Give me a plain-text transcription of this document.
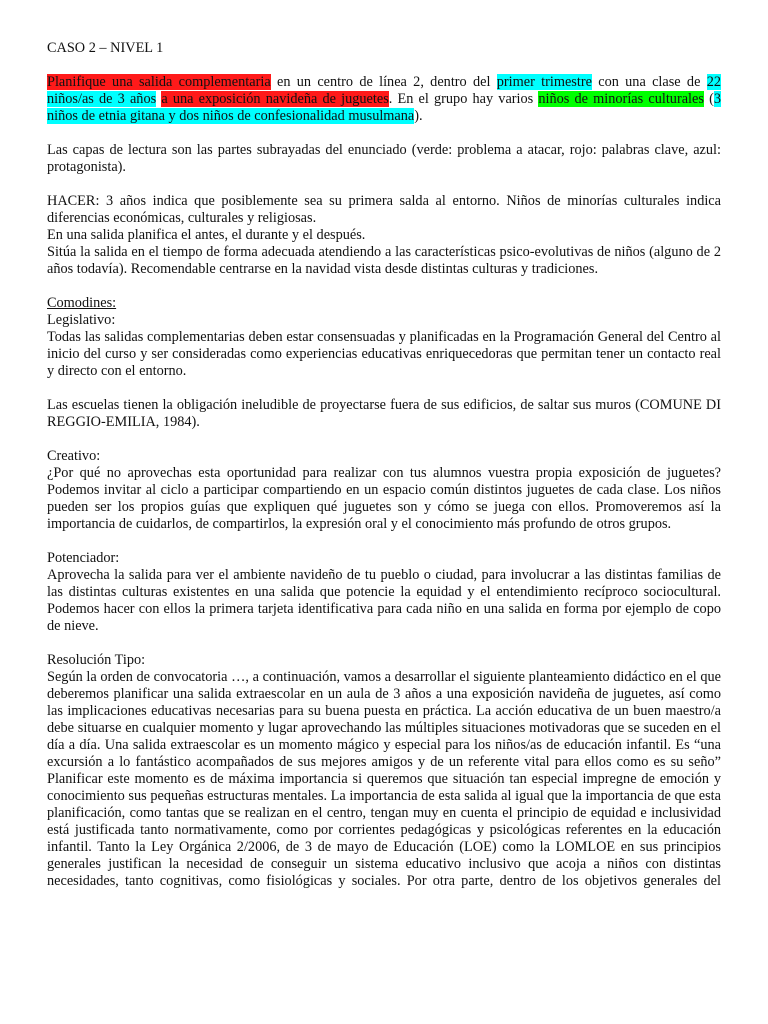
CASO 2 – NIVEL 1

Planifique una salida complementaria en un centro de línea 2, dentro del primer trimestre con una clase de 22 niños/as de 3 años a una exposición navideña de juguetes. En el grupo hay varios niños de minorías culturales (3 niños de etnia gitana y dos niños de confesionalidad musulmana).

Las capas de lectura son las partes subrayadas del enunciado (verde: problema a atacar, rojo: palabras clave, azul: protagonista).

HACER: 3 años indica que posiblemente sea su primera salda al entorno. Niños de minorías culturales indica diferencias económicas, culturales y religiosas.
En una salida planifica el antes, el durante y el después.
Sitúa la salida en el tiempo de forma adecuada atendiendo a las características psico-evolutivas de niños (alguno de 2 años todavía). Recomendable centrarse en la navidad vista desde distintas culturas y tradiciones.
Comodines:
Legislativo:
Todas las salidas complementarias deben estar consensuadas y planificadas en la Programación General del Centro al inicio del curso y ser consideradas como experiencias educativas enriquecedoras que permitan tener un contacto real y directo con el entorno.

Las escuelas tienen la obligación ineludible de proyectarse fuera de sus edificios, de saltar sus muros (COMUNE DI REGGIO-EMILIA, 1984).

Creativo:
¿Por qué no aprovechas esta oportunidad para realizar con tus alumnos vuestra propia exposición de juguetes? Podemos invitar al ciclo a participar compartiendo en un espacio común distintos juguetes de cada clase. Los niños pueden ser los propios guías que expliquen qué juguetes son y cómo se juega con ellos. Promoveremos así la importancia de cuidarlos, de compartirlos, la expresión oral y el conocimiento más profundo de otros grupos.
Potenciador:
Aprovecha la salida para ver el ambiente navideño de tu pueblo o ciudad, para involucrar a las distintas familias de las distintas culturas existentes en una salida que potencie la equidad y el entendimiento recíproco sociocultural. Podemos hacer con ellos la primera tarjeta identificativa para cada niño en una salida en forma por ejemplo de copo de nieve.
Resolución Tipo:
Según la orden de convocatoria …, a continuación, vamos a desarrollar el siguiente planteamiento didáctico en el que deberemos planificar una salida extraescolar en un aula de 3 años a una exposición navideña de juguetes, así como las implicaciones educativas necesarias para su buena puesta en práctica. La acción educativa de un buen maestro/a debe situarse en cualquier momento y lugar aprovechando las múltiples situaciones motivadoras que se suceden en el día a día. Una salida extraescolar es un momento mágico y especial para los niños/as de educación infantil. Es “una excursión a lo fantástico acompañados de sus mejores amigos y de un referente vital para ellos como es su seño” Planificar este momento es de máxima importancia si queremos que situación tan especial impregne de emoción y conocimiento sus pequeñas estructuras mentales. La importancia de esta salida al igual que la importancia de que esta planificación, como tantas que se realizan en el centro, tengan muy en cuenta el principio de equidad e inclusividad está justificada tanto normativamente, como por corrientes pedagógicas y psicológicas referentes en la educación infantil. Tanto la Ley Orgánica 2/2006, de 3 de mayo de Educación (LOE) como la LOMLOE en sus principios generales justifican la necesidad de conseguir un sistema educativo inclusivo que acoja a niños con distintas necesidades, tanto cognitivas, como fisiológicas y sociales. Por otra parte, dentro de los objetivos generales del
